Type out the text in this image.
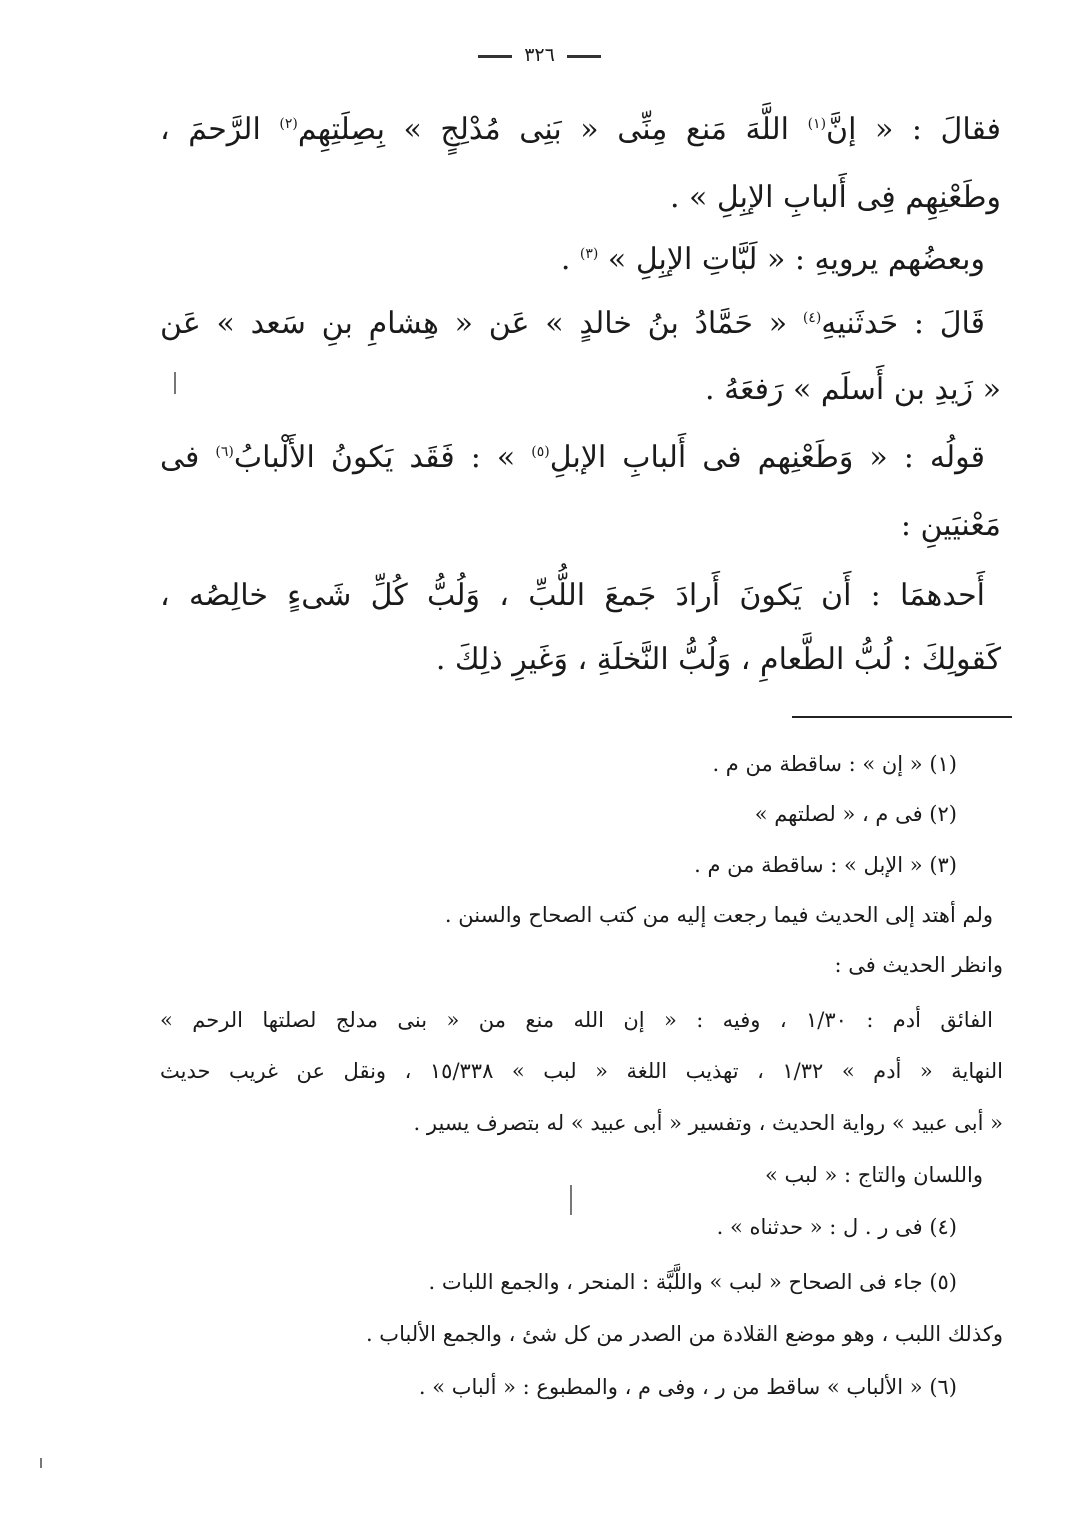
٣٢٦
فقالَ : « إنَّ$^{(١)}$ اللَّهَ مَنع مِنِّى « بَنِى مُدْلِجٍ » بِصِلَتِهِم$^{(٢)}$ الرَّحمَ ،
وطَعْنِهِم فِى أَلبابِ الإبِلِ » .
وبعضُهم يرويهِ : « لَبَّاتِ الإبِلِ » $^{(٣)}$ .
قَالَ : حَدثَنيهِ$^{(٤)}$ « حَمَّادُ بنُ خالدٍ » عَن « هِشامِ بنِ سَعد » عَن
« زَيدِ بن أَسلَم » رَفعَهُ .
قولُه : « وَطَعْنِهم فى أَلبابِ الإبلِ$^{(٥)}$ » : فَقَد يَكونُ الأَلْبابُ$^{(٦)}$ فى
مَعْنيَينِ :
أَحدهمَا : أَن يَكونَ أَرادَ جَمعَ اللُّبِّ ، وَلُبُّ كُلِّ شَىءٍ خالِصُه ،
كَقولِكَ : لُبُّ الطَّعامِ ، وَلُبُّ النَّخلَةِ ، وَغَيرِ ذلِكَ .
(١) « إن » : ساقطة من م .
(٢) فى م ، « لصلتهم »
(٣) « الإبل » : ساقطة من م .
ولم أهتد إلى الحديث فيما رجعت إليه من كتب الصحاح والسنن .
وانظر الحديث فى :
الفائق أدم : ١/٣٠ ، وفيه : « إن الله منع من « بنى مدلج لصلتها الرحم »
النهاية « أدم » ١/٣٢ ، تهذيب اللغة « لبب » ١٥/٣٣٨ ، ونقل عن غريب حديث
« أبى عبيد » رواية الحديث ، وتفسير « أبى عبيد » له بتصرف يسير .
واللسان والتاج : « لبب »
(٤) فى ر . ل : « حدثناه » .
(٥) جاء فى الصحاح « لبب » واللَّبَّة : المنحر ، والجمع اللبات .
وكذلك اللبب ، وهو موضع القلادة من الصدر من كل شئ ، والجمع الألباب .
(٦) « الألباب » ساقط من ر ، وفى م ، والمطبوع : « ألباب » .
